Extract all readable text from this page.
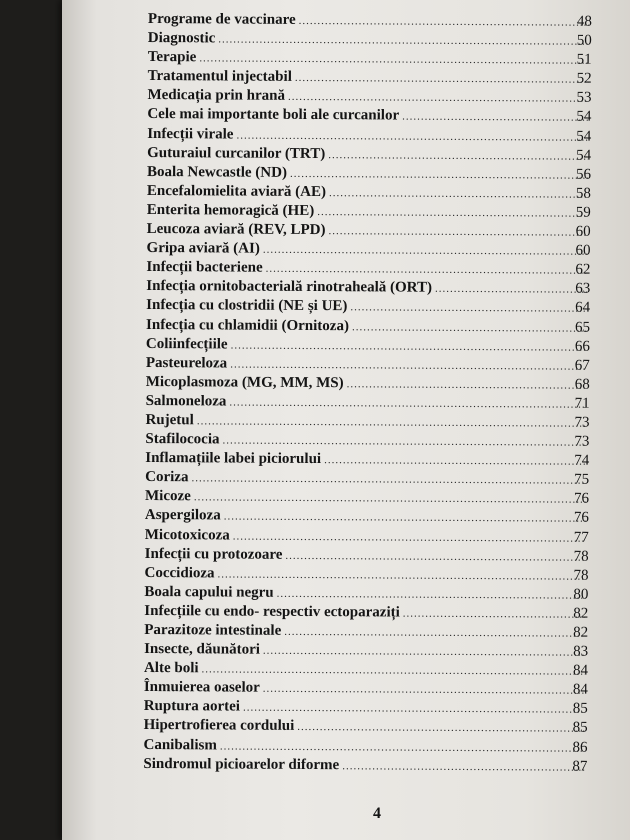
Programe de vaccinare .....	48
Diagnostic .....	50
Terapie .....	51
Tratamentul injectabil .....	52
Medicația prin hrană .....	53
Cele mai importante boli ale curcanilor .....	54
Infecții virale .....	54
Guturaiul curcanilor (TRT) .....	54
Boala Newcastle (ND) .....	56
Encefalomielita aviară (AE) .....	58
Enterita hemoragică (HE) .....	59
Leucoza aviară (REV, LPD) .....	60
Gripa aviară (AI) .....	60
Infecții bacteriene .....	62
Infecția ornitobacterială rinotraheală (ORT) .....	63
Infecția cu clostridii (NE și UE) .....	64
Infecția cu chlamidii (Ornitoza) .....	65
Coliinfecțiile .....	66
Pasteureloza .....	67
Micoplasmoza (MG, MM, MS) .....	68
Salmoneloza .....	71
Rujetul .....	73
Stafilococia .....	73
Inflamațiile labei piciorului .....	74
Coriza .....	75
Micoze .....	76
Aspergiloza .....	76
Micotoxicoza .....	77
Infecții cu protozoare .....	78
Coccidioza .....	78
Boala capului negru .....	80
Infecțiile cu endo- respectiv ectoparaziți .....	82
Parazitoze intestinale .....	82
Insecte, dăunători .....	83
Alte boli .....	84
Înmuierea oaselor .....	84
Ruptura aortei .....	85
Hipertrofierea cordului .....	85
Canibalism .....	86
Sindromul picioarelor diforme .....	87
4
